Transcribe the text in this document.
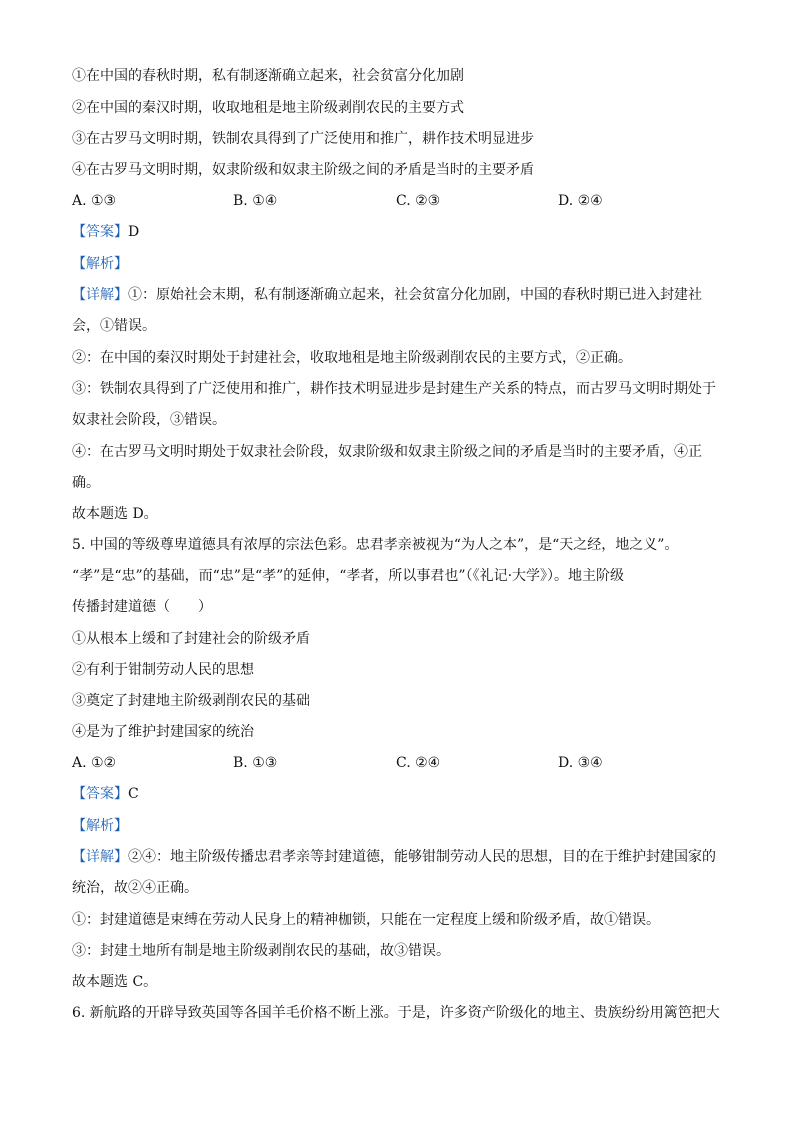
①在中国的春秋时期，私有制逐渐确立起来，社会贫富分化加剧
②在中国的秦汉时期，收取地租是地主阶级剥削农民的主要方式
③在古罗马文明时期，铁制农具得到了广泛使用和推广，耕作技术明显进步
④在古罗马文明时期，奴隶阶级和奴隶主阶级之间的矛盾是当时的主要矛盾
A. ①③	B. ①④	C. ②③	D. ②④
【答案】D
【解析】
【详解】①：原始社会末期，私有制逐渐确立起来，社会贫富分化加剧，中国的春秋时期已进入封建社
会，①错误。
②：在中国的秦汉时期处于封建社会，收取地租是地主阶级剥削农民的主要方式，②正确。
③：铁制农具得到了广泛使用和推广，耕作技术明显进步是封建生产关系的特点，而古罗马文明时期处于
奴隶社会阶段，③错误。
④：在古罗马文明时期处于奴隶社会阶段，奴隶阶级和奴隶主阶级之间的矛盾是当时的主要矛盾，④正
确。
故本题选 D。
5. 中国的等级尊卑道德具有浓厚的宗法色彩。忠君孝亲被视为“为人之本”，是“天之经，地之义”。
“孝”是“忠”的基础，而“忠”是“孝”的延伸，“孝者，所以事君也”（《礼记·大学》）。地主阶级
传播封建道德（　　）
①从根本上缓和了封建社会的阶级矛盾
②有利于钳制劳动人民的思想
③奠定了封建地主阶级剥削农民的基础
④是为了维护封建国家的统治
A. ①②	B. ①③	C. ②④	D. ③④
【答案】C
【解析】
【详解】②④：地主阶级传播忠君孝亲等封建道德，能够钳制劳动人民的思想，目的在于维护封建国家的
统治，故②④正确。
①：封建道德是束缚在劳动人民身上的精神枷锁，只能在一定程度上缓和阶级矛盾，故①错误。
③：封建土地所有制是地主阶级剥削农民的基础，故③错误。
故本题选 C。
6. 新航路的开辟导致英国等各国羊毛价格不断上涨。于是，许多资产阶级化的地主、贵族纷纷用篱笆把大
